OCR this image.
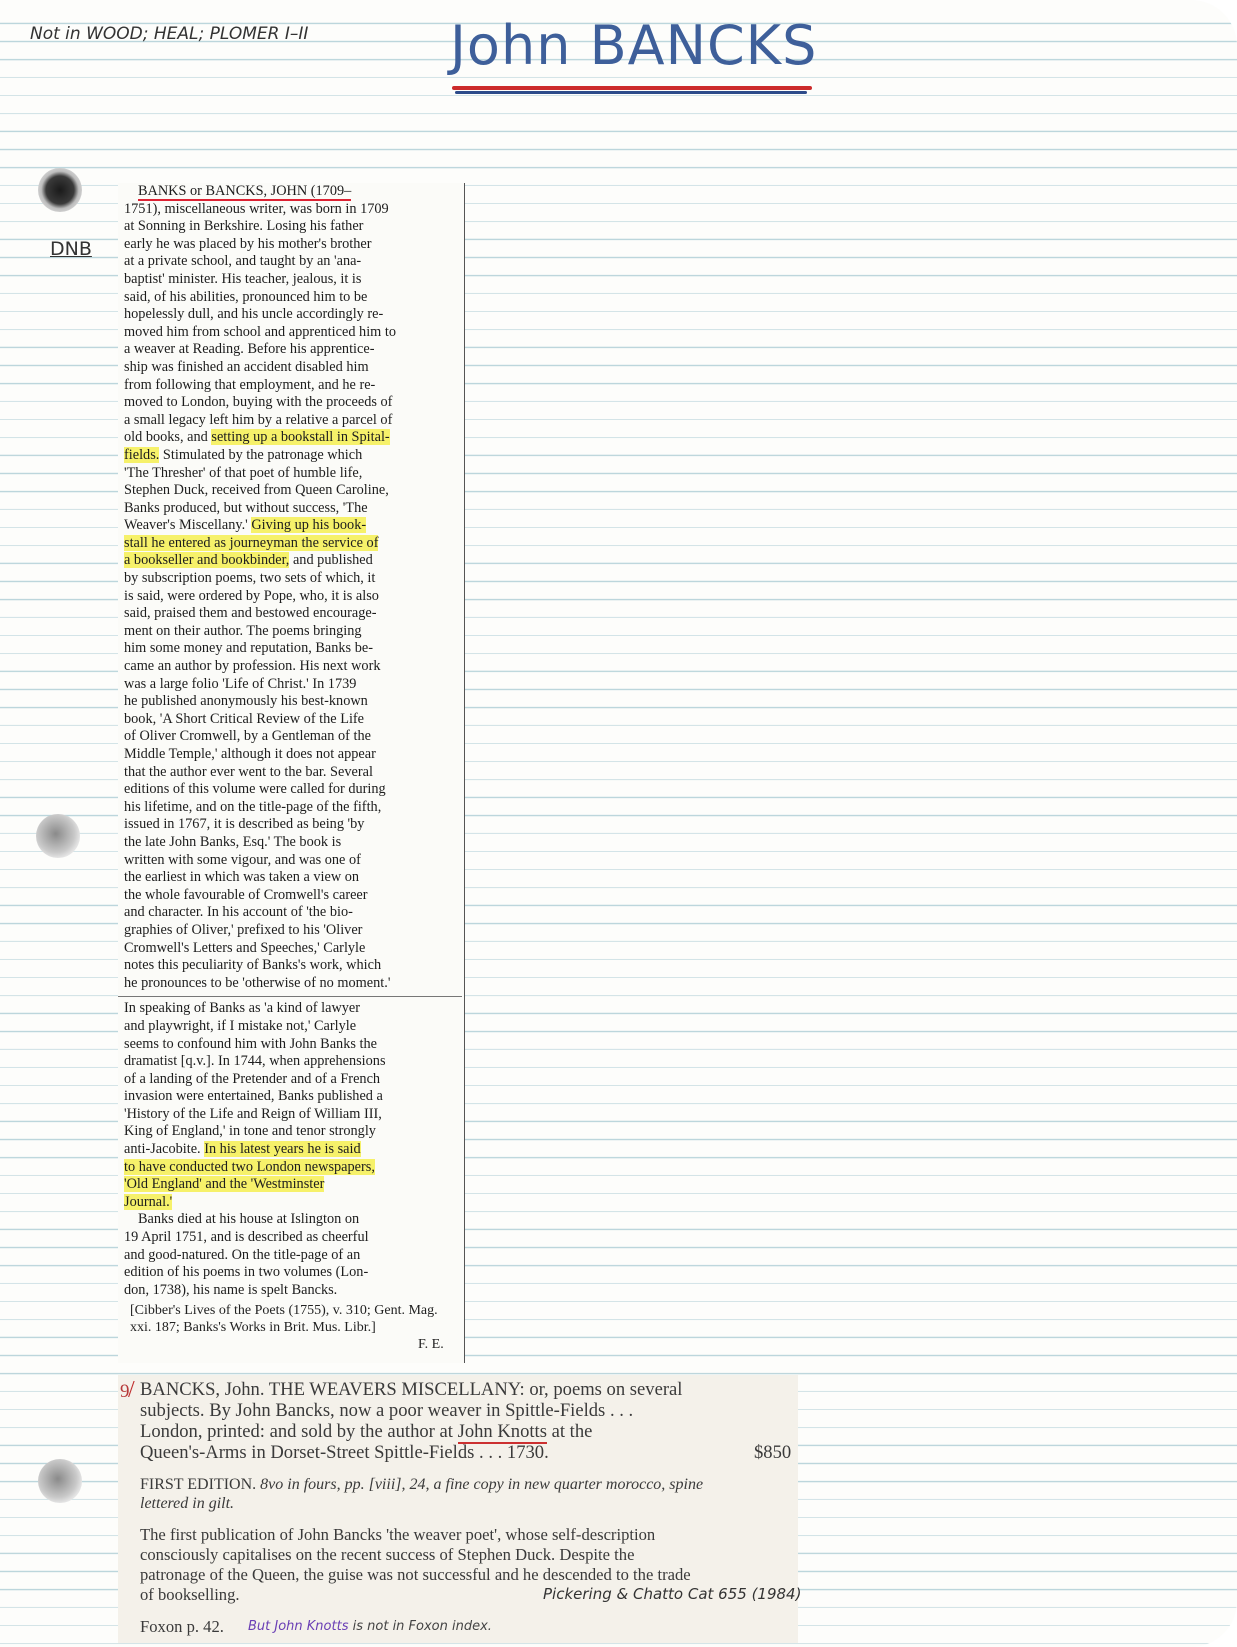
Not in WOOD; HEAL; PLOMER I–II	John BANCKS
DNB

BANKS or BANCKS, JOHN (1709–

1751), miscellaneous writer, was born in 1709

at Sonning in Berkshire. Losing his father

early he was placed by his mother's brother

at a private school, and taught by an 'ana-

baptist' minister. His teacher, jealous, it is

said, of his abilities, pronounced him to be

hopelessly dull, and his uncle accordingly re-

moved him from school and apprenticed him to

a weaver at Reading. Before his apprentice-

ship was finished an accident disabled him

from following that employment, and he re-

moved to London, buying with the proceeds of

a small legacy left him by a relative a parcel of

old books, and setting up a bookstall in Spital-

fields. Stimulated by the patronage which

'The Thresher' of that poet of humble life,

Stephen Duck, received from Queen Caroline,

Banks produced, but without success, 'The

Weaver's Miscellany.' Giving up his book-

stall he entered as journeyman the service of

a bookseller and bookbinder, and published

by subscription poems, two sets of which, it

is said, were ordered by Pope, who, it is also

said, praised them and bestowed encourage-

ment on their author. The poems bringing

him some money and reputation, Banks be-

came an author by profession. His next work

was a large folio 'Life of Christ.' In 1739

he published anonymously his best-known

book, 'A Short Critical Review of the Life

of Oliver Cromwell, by a Gentleman of the

Middle Temple,' although it does not appear

that the author ever went to the bar. Several

editions of this volume were called for during

his lifetime, and on the title-page of the fifth,

issued in 1767, it is described as being 'by

the late John Banks, Esq.' The book is

written with some vigour, and was one of

the earliest in which was taken a view on

the whole favourable of Cromwell's career

and character. In his account of 'the bio-

graphies of Oliver,' prefixed to his 'Oliver

Cromwell's Letters and Speeches,' Carlyle

notes this peculiarity of Banks's work, which

he pronounces to be 'otherwise of no moment.'

In speaking of Banks as 'a kind of lawyer

and playwright, if I mistake not,' Carlyle

seems to confound him with John Banks the

dramatist [q.v.]. In 1744, when apprehensions

of a landing of the Pretender and of a French

invasion were entertained, Banks published a

'History of the Life and Reign of William III,

King of England,' in tone and tenor strongly

anti-Jacobite. In his latest years he is said

to have conducted two London newspapers,

'Old England' and the 'Westminster

Journal.'

Banks died at his house at Islington on

19 April 1751, and is described as cheerful

and good-natured. On the title-page of an

edition of his poems in two volumes (Lon-

don, 1738), his name is spelt Bancks.

[Cibber's Lives of the Poets (1755), v. 310; Gent. Mag. xxi. 187; Banks's Works in Brit. Mus. Libr.]
F. E.
9
/ BANCKS, John. THE WEAVERS MISCELLANY: or, poems on several
subjects. By John Bancks, now a poor weaver in Spittle-Fields . . .
London, printed: and sold by the author at John Knotts at the
Queen's-Arms in Dorset-Street Spittle-Fields . . . 1730.	$850
FIRST EDITION. 8vo in fours, pp. [viii], 24, a fine copy in new quarter morocco, spine
lettered in gilt.
The first publication of John Bancks 'the weaver poet', whose self-description
consciously capitalises on the recent success of Stephen Duck. Despite the
patronage of the Queen, the guise was not successful and he descended to the trade
of bookselling.	Pickering & Chatto Cat 655 (1984)
Foxon p. 42. But John Knotts is not in Foxon index.
